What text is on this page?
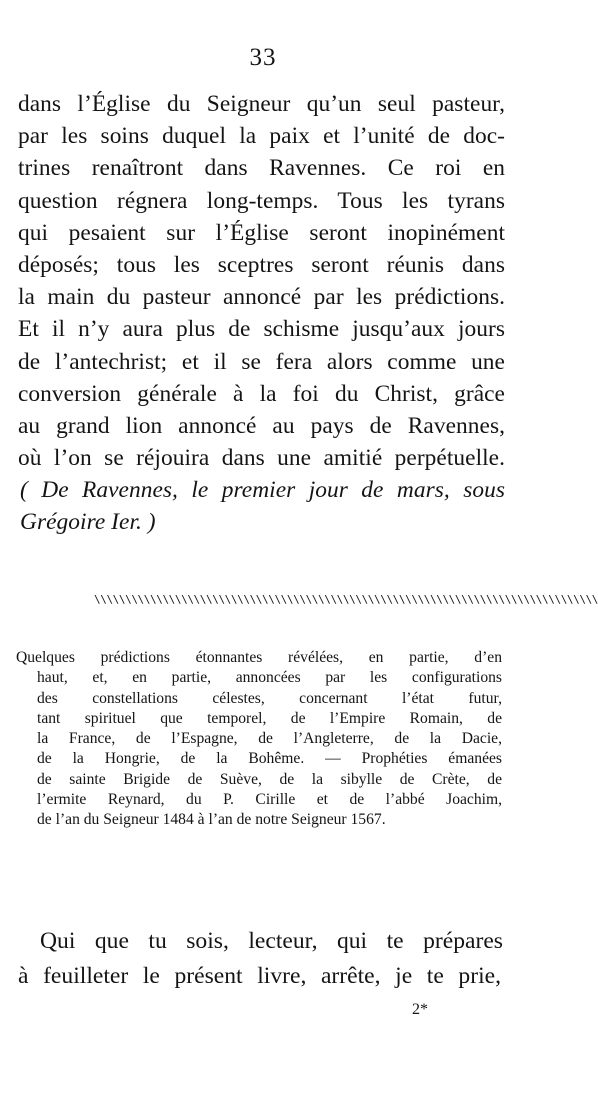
33
dans l’Église du Seigneur qu’un seul pasteur,
par les soins duquel la paix et l’unité de doc-
trines renaîtront dans Ravennes. Ce roi en
question régnera long-temps. Tous les tyrans
qui pesaient sur l’Église seront inopinément
déposés; tous les sceptres seront réunis dans
la main du pasteur annoncé par les prédictions.
Et il n’y aura plus de schisme jusqu’aux jours
de l’antechrist; et il se fera alors comme une
conversion générale à la foi du Christ, grâce
au grand lion annoncé au pays de Ravennes,
où l’on se réjouira dans une amitié perpétuelle.
( De Ravennes, le premier jour de mars, sous
Grégoire Ier. )
\\\\\\\\\\\\\\\\\\\\\\\\\\\\\\\\\\\\\\\\\\\\\\\\\\\\\\\\\\\\\\\\\\\\\\\\\\\\\\\\\
Quelques prédictions étonnantes révélées, en partie, d’en
haut, et, en partie, annoncées par les configurations
des constellations célestes, concernant l’état futur,
tant spirituel que temporel, de l’Empire Romain, de
la France, de l’Espagne, de l’Angleterre, de la Dacie,
de la Hongrie, de la Bohême. — Prophéties émanées
de sainte Brigide de Suève, de la sibylle de Crète, de
l’ermite Reynard, du P. Cirille et de l’abbé Joachim,
de l’an du Seigneur 1484 à l’an de notre Seigneur 1567.
Qui que tu sois, lecteur, qui te prépares
à feuilleter le présent livre, arrête, je te prie,
2*
